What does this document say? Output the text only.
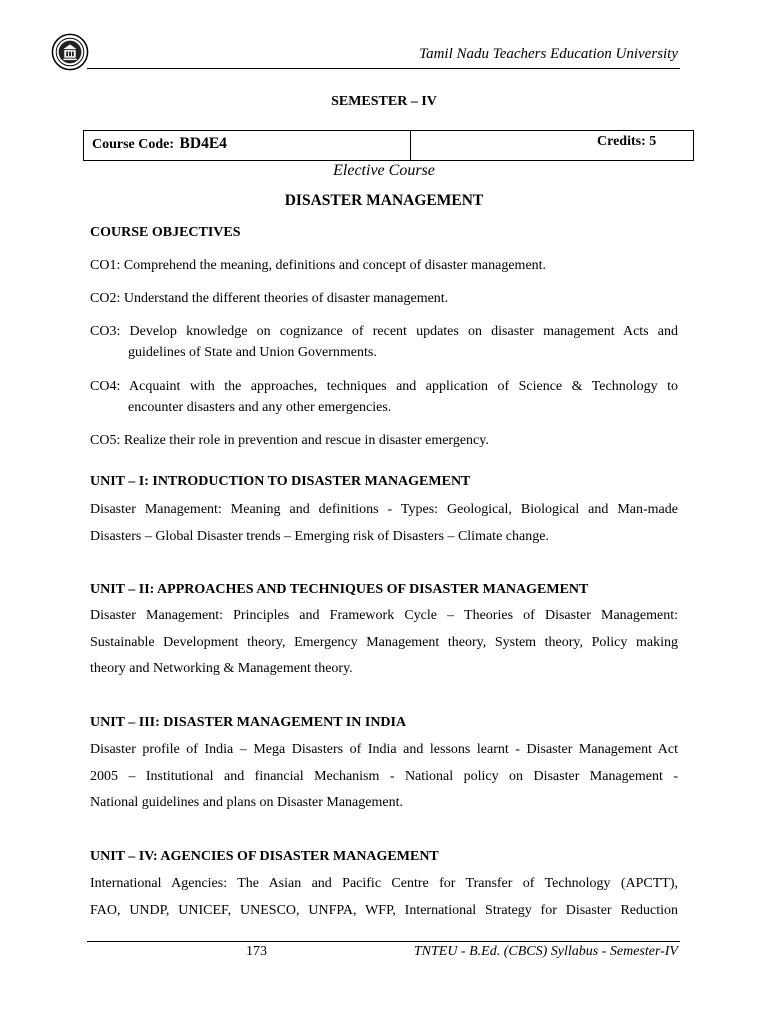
Tamil Nadu Teachers Education University
SEMESTER – IV
Course Code: BD4E4	Credits: 5
Elective Course
DISASTER MANAGEMENT
COURSE OBJECTIVES
CO1: Comprehend the meaning, definitions and concept of disaster management.
CO2: Understand the different theories of disaster management.
CO3: Develop knowledge on cognizance of recent updates on disaster management Acts and
guidelines of State and Union Governments.
CO4: Acquaint with the approaches, techniques and application of Science & Technology to
encounter disasters and any other emergencies.
CO5: Realize their role in prevention and rescue in disaster emergency.
UNIT – I: INTRODUCTION TO DISASTER MANAGEMENT
Disaster Management: Meaning and definitions - Types: Geological, Biological and Man-made
Disasters – Global Disaster trends – Emerging risk of Disasters – Climate change.
UNIT – II: APPROACHES AND TECHNIQUES OF DISASTER MANAGEMENT
Disaster Management: Principles and Framework Cycle – Theories of Disaster Management:
Sustainable Development theory, Emergency Management theory, System theory, Policy making
theory and Networking & Management theory.
UNIT – III: DISASTER MANAGEMENT IN INDIA
Disaster profile of India – Mega Disasters of India and lessons learnt - Disaster Management Act
2005 – Institutional and financial Mechanism - National policy on Disaster Management -
National guidelines and plans on Disaster Management.
UNIT – IV: AGENCIES OF DISASTER MANAGEMENT
International Agencies: The Asian and Pacific Centre for Transfer of Technology (APCTT),
FAO, UNDP, UNICEF, UNESCO, UNFPA, WFP, International Strategy for Disaster Reduction
173	TNTEU - B.Ed. (CBCS) Syllabus - Semester-IV
